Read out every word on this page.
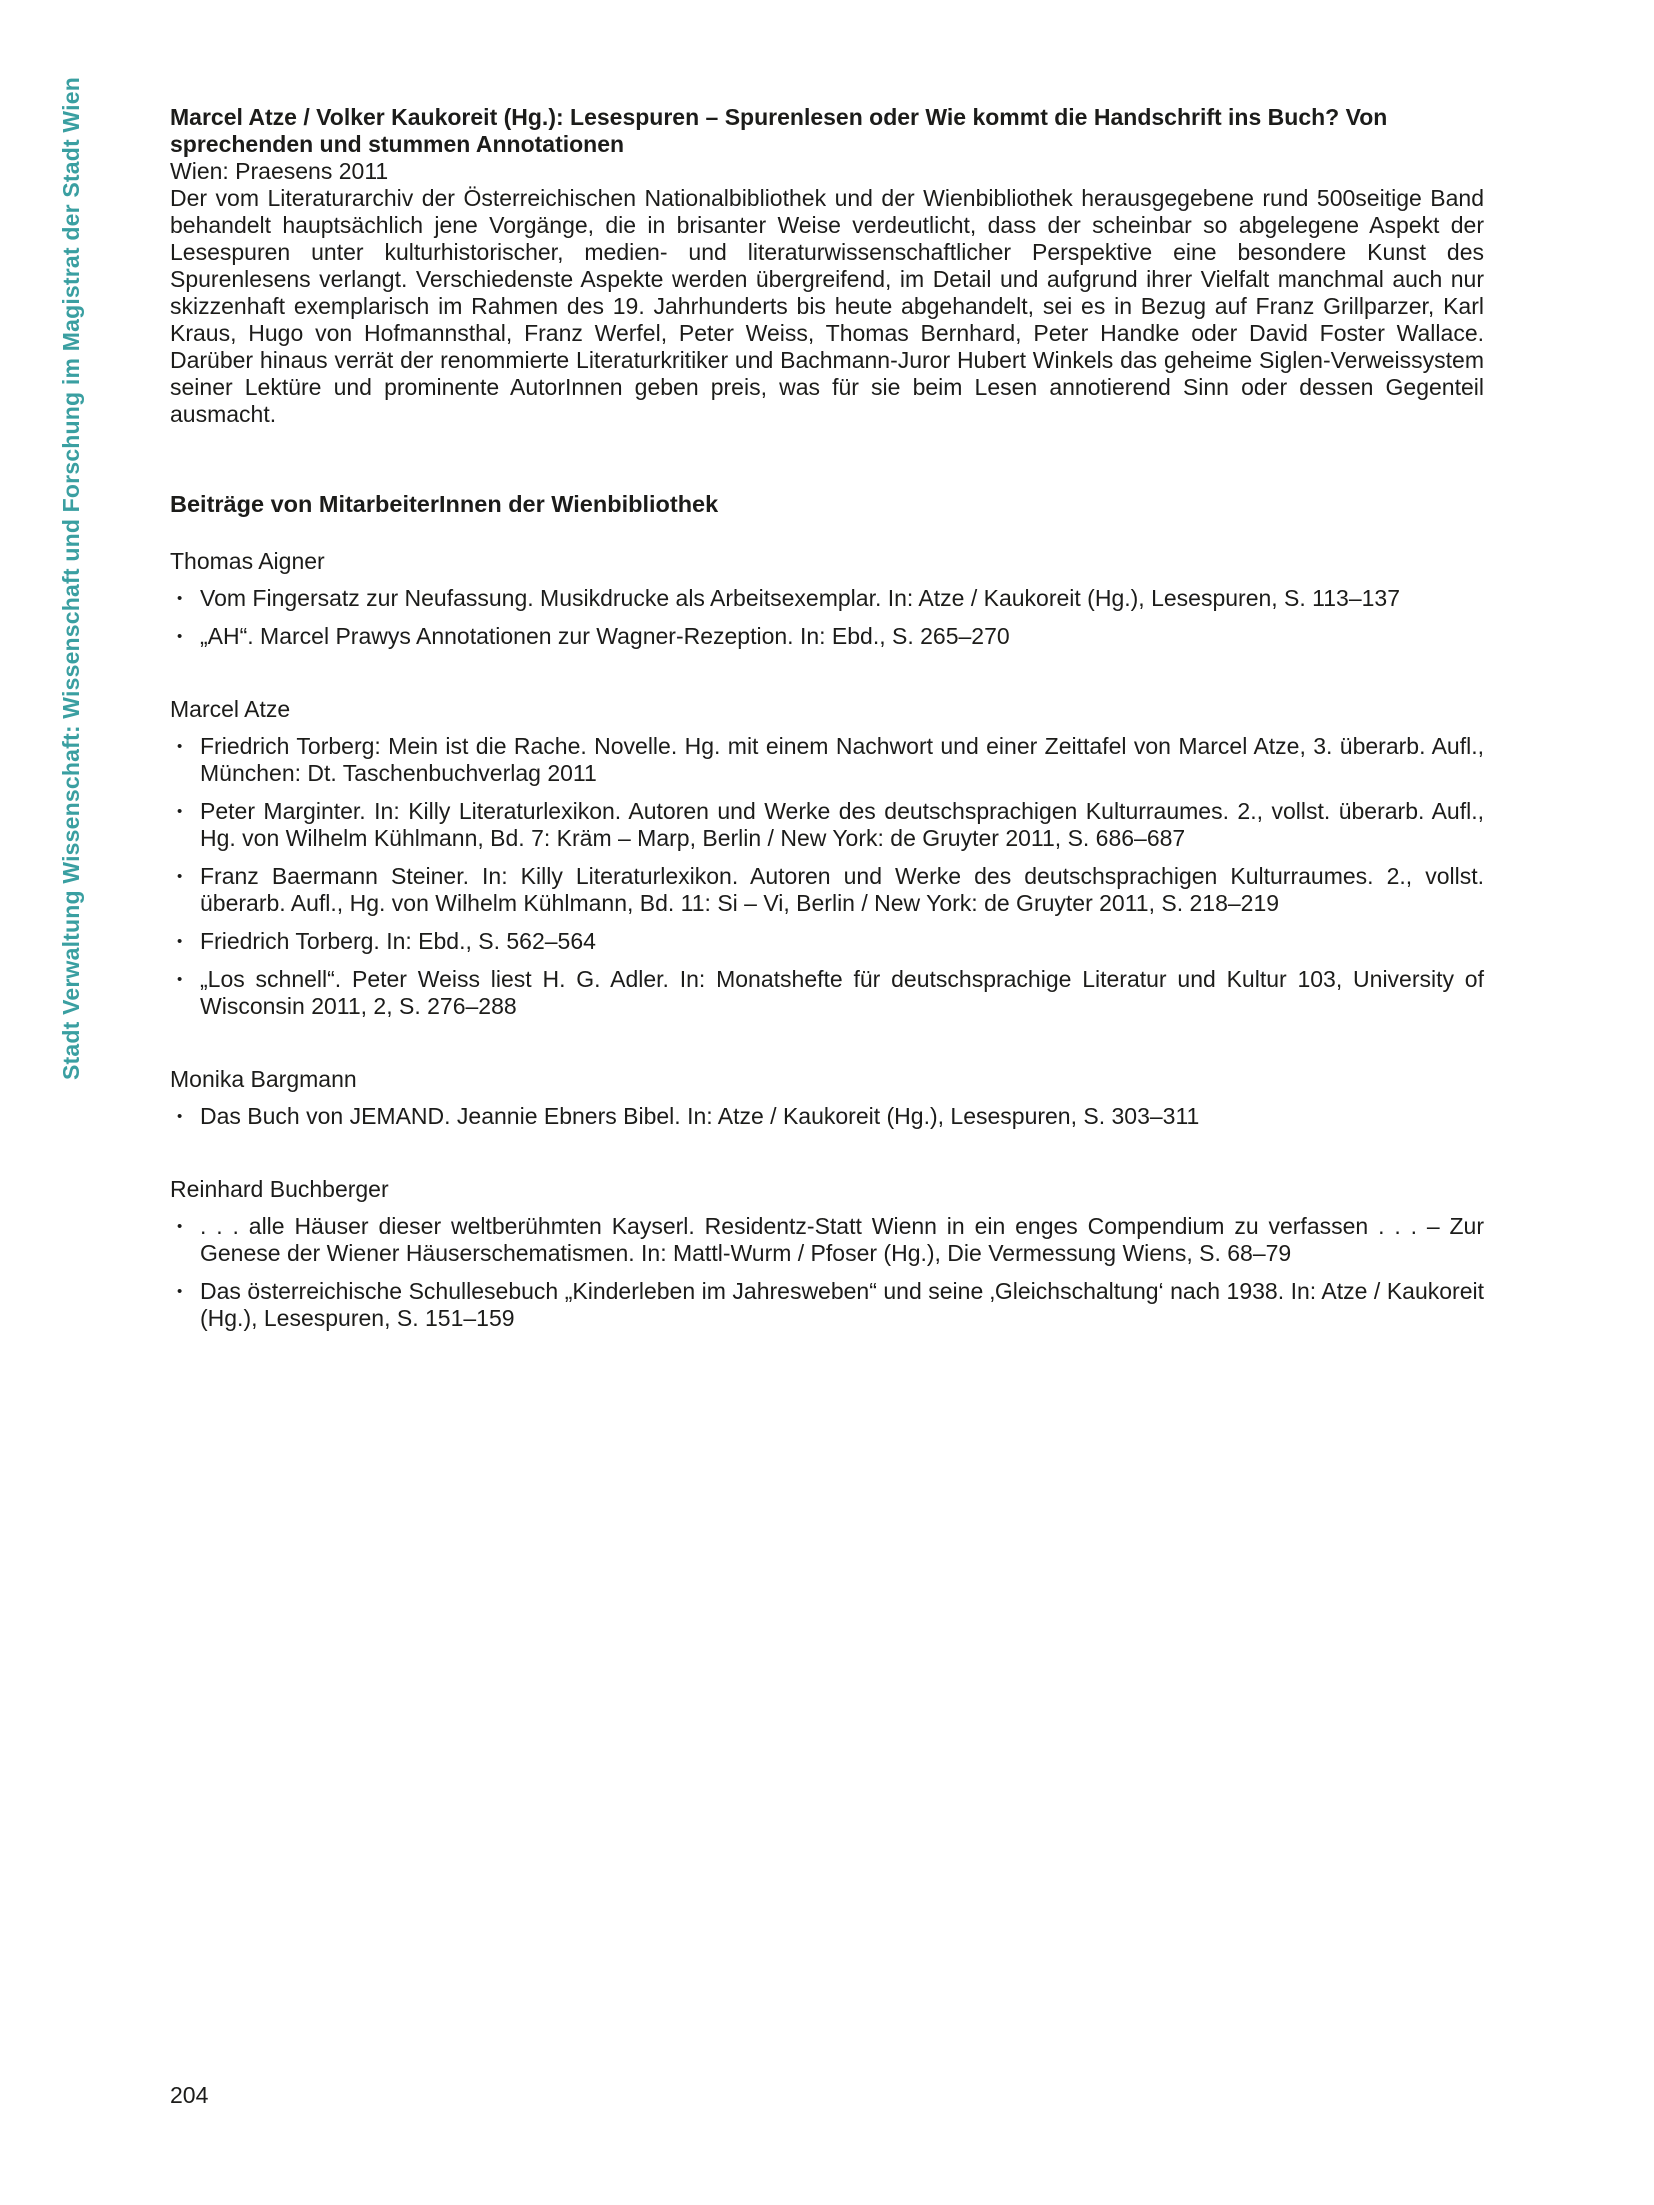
Stadt Verwaltung Wissenschaft: Wissenschaft und Forschung im Magistrat der Stadt Wien	Marcel Atze / Volker Kaukoreit (Hg.): Lesespuren – Spurenlesen oder Wie kommt die Handschrift ins Buch? Von sprechenden und stummen Annotationen

Wien: Praesens 2011

Der vom Literaturarchiv der Österreichischen Nationalbibliothek und der Wienbibliothek herausgegebene rund 500seitige Band behandelt hauptsächlich jene Vorgänge, die in brisanter Weise verdeutlicht, dass der scheinbar so abgelegene Aspekt der Lesespuren unter kulturhistorischer, medien- und literaturwissenschaftlicher Perspektive eine besondere Kunst des Spurenlesens verlangt. Verschiedenste Aspekte werden übergreifend, im Detail und aufgrund ihrer Vielfalt manchmal auch nur skizzenhaft exemplarisch im Rahmen des 19. Jahrhunderts bis heute abgehandelt, sei es in Bezug auf Franz Grillparzer, Karl Kraus, Hugo von Hofmannsthal, Franz Werfel, Peter Weiss, Thomas Bernhard, Peter Handke oder David Foster Wallace. Darüber hinaus verrät der renommierte Literaturkritiker und Bachmann-Juror Hubert Winkels das geheime Siglen-Verweissystem seiner Lektüre und prominente AutorInnen geben preis, was für sie beim Lesen annotierend Sinn oder dessen Gegenteil ausmacht.

Beiträge von MitarbeiterInnen der Wienbibliothek

Thomas Aigner

• Vom Fingersatz zur Neufassung. Musikdrucke als Arbeitsexemplar. In: Atze / Kaukoreit (Hg.), Lesespuren, S. 113–137
• „AH“. Marcel Prawys Annotationen zur Wagner-Rezeption. In: Ebd., S. 265–270

Marcel Atze

• Friedrich Torberg: Mein ist die Rache. Novelle. Hg. mit einem Nachwort und einer Zeittafel von Marcel Atze, 3. überarb. Aufl., München: Dt. Taschenbuchverlag 2011
• Peter Marginter. In: Killy Literaturlexikon. Autoren und Werke des deutschsprachigen Kulturraumes. 2., vollst. überarb. Aufl., Hg. von Wilhelm Kühlmann, Bd. 7: Kräm – Marp, Berlin / New York: de Gruyter 2011, S. 686–687
• Franz Baermann Steiner. In: Killy Literaturlexikon. Autoren und Werke des deutschsprachigen Kulturraumes. 2., vollst. überarb. Aufl., Hg. von Wilhelm Kühlmann, Bd. 11: Si – Vi, Berlin / New York: de Gruyter 2011, S. 218–219
• Friedrich Torberg. In: Ebd., S. 562–564
• „Los schnell“. Peter Weiss liest H. G. Adler. In: Monatshefte für deutschsprachige Literatur und Kultur 103, University of Wisconsin 2011, 2, S. 276–288

Monika Bargmann

• Das Buch von JEMAND. Jeannie Ebners Bibel. In: Atze / Kaukoreit (Hg.), Lesespuren, S. 303–311

Reinhard Buchberger

• . . . alle Häuser dieser weltberühmten Kayserl. Residentz-Statt Wienn in ein enges Compendium zu verfassen . . . – Zur Genese der Wiener Häuserschematismen. In: Mattl-Wurm / Pfoser (Hg.), Die Vermessung Wiens, S. 68–79
• Das österreichische Schullesebuch „Kinderleben im Jahresweben“ und seine ‚Gleichschaltung‘ nach 1938. In: Atze / Kaukoreit (Hg.), Lesespuren, S. 151–159
204
